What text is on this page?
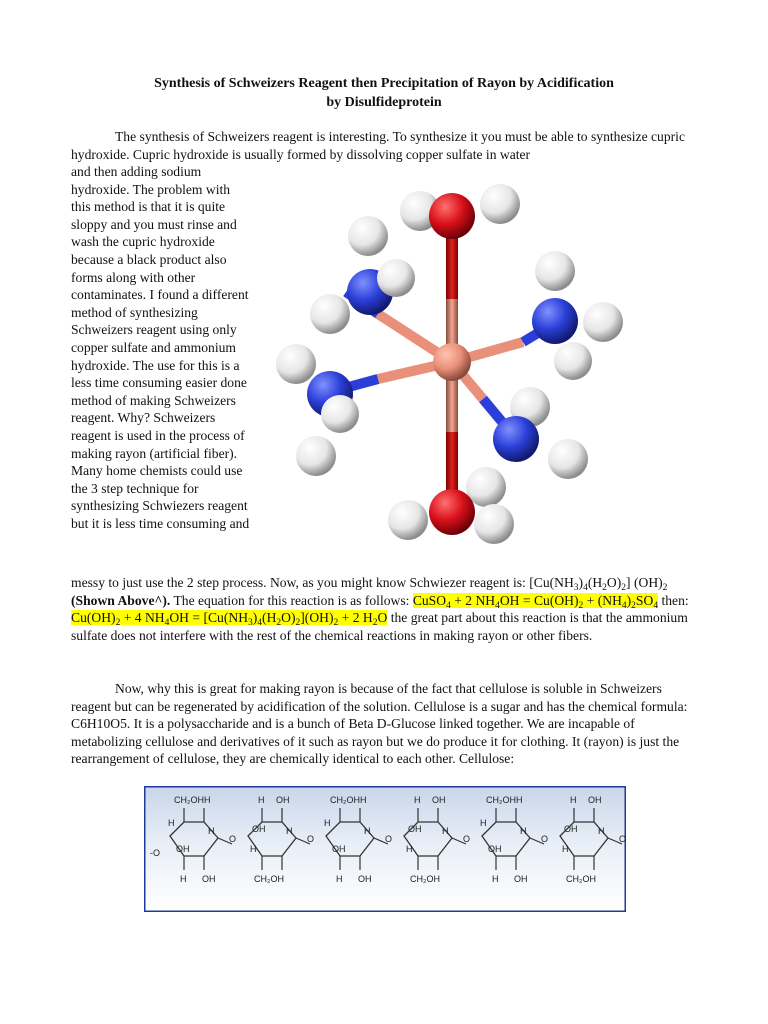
Synthesis of Schweizers Reagent then Precipitation of Rayon by Acidification
by Disulfideprotein
The synthesis of Schweizers reagent is interesting. To synthesize it you must be able to synthesize cupric hydroxide. Cupric hydroxide is usually formed by dissolving copper sulfate in water
and then adding sodium hydroxide. The problem with this method is that it is quite sloppy and you must rinse and wash the cupric hydroxide because a black product also forms along with other contaminates. I found a different method of synthesizing Schweizers reagent using only copper sulfate and ammonium hydroxide. The use for this is a less time consuming easier done method of making Schweizers reagent. Why? Schweizers reagent is used in the process of making rayon (artificial fiber). Many home chemists could use the 3 step technique for synthesizing Schwiezers reagent but it is less time consuming and
messy to just use the 2 step process. Now, as you might know Schwiezer reagent is: $[Cu(NH_3)_4(H_2O)_2]$ $(OH)_2$ (Shown Above^). The equation for this reaction is as follows: CuSO$_4$ + 2 $NH_4OH = Cu(OH)_2 + (NH_4)_2SO_4$ then: $Cu(OH)_2 + 4$ $NH_4OH = [Cu(NH_3)_4(H_2O)_2](OH)_2 + 2$ $H_2O$ the great part about this reaction is that the ammonium sulfate does not interfere with the rest of the chemical reactions in making rayon or other fibers.
Now, why this is great for making rayon is because of the fact that cellulose is soluble in Schweizers reagent but can be regenerated by acidification of the solution. Cellulose is a sugar and has the chemical formula: C6H10O5. It is a polysaccharide and is a bunch of Beta D-Glucose linked together. We are incapable of metabolizing cellulose and derivatives of it such as rayon but we do produce it for clothing. It (rayon) is just the rearrangement of cellulose, they are chemically identical to each other. Cellulose:
CH₂OH H
H
OH
H
H OH
O
H OH
OH H
H
CH₂OH
O
CH₂OH H
H
OH
H
H OH
O
H OH
OH H
H
CH₂OH
O
CH₂OH H
H
OH
H
H OH
O
H OH
OH H
H
CH₂OH
O
-O
